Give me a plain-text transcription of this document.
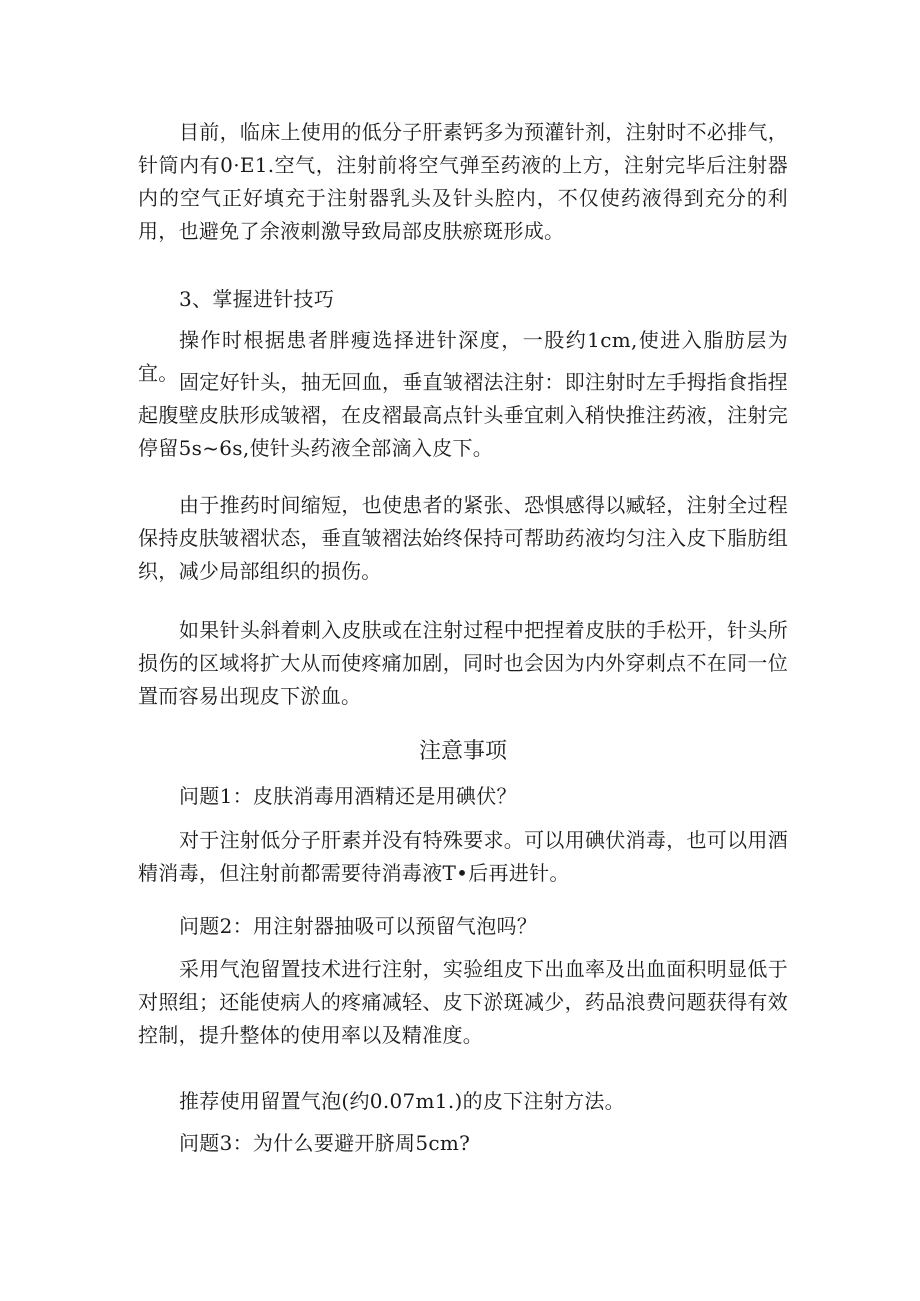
目前，临床上使用的低分子肝素钙多为预灌针剂，注射时不必排气，针筒内有0·E1.空气，注射前将空气弹至药液的上方，注射完毕后注射器内的空气正好填充于注射器乳头及针头腔内，不仅使药液得到充分的利用，也避免了余液刺激导致局部皮肤瘀斑形成。

3、掌握进针技巧

操作时根据患者胖瘦选择进针深度，一股约1cm,使进入脂肪层为宜。 固定好针头，抽无回血，垂直皱褶法注射：即注射时左手拇指食指捏起腹壁皮肤形成皱褶，在皮褶最高点针头垂宜刺入稍快推注药液，注射完停留5s~6s,使针头药液全部滴入皮下。

由于推药时间缩短，也使患者的紧张、恐惧感得以臧轻，注射全过程保持皮肤皱褶状态，垂直皱褶法始终保持可帮助药液均匀注入皮下脂肪组织，减少局部组织的损伤。

如果针头斜着刺入皮肤或在注射过程中把捏着皮肤的手松开，针头所损伤的区域将扩大从而使疼痛加剧，同时也会因为内外穿刺点不在同一位置而容易出现皮下淤血。

注意事项

问题1：皮肤消毒用酒精还是用碘伏？

对于注射低分子肝素并没有特殊要求。可以用碘伏消毒，也可以用酒精消毒，但注射前都需要待消毒液T•后再进针。

问题2：用注射器抽吸可以预留气泡吗？

采用气泡留置技术进行注射，实验组皮下出血率及出血面积明显低于对照组；还能使病人的疼痛减轻、皮下淤斑减少，药品浪费问题获得有效控制，提升整体的使用率以及精准度。

推荐使用留置气泡(约0.07m1.)的皮下注射方法。

问题3：为什么要避开脐周5cm?
